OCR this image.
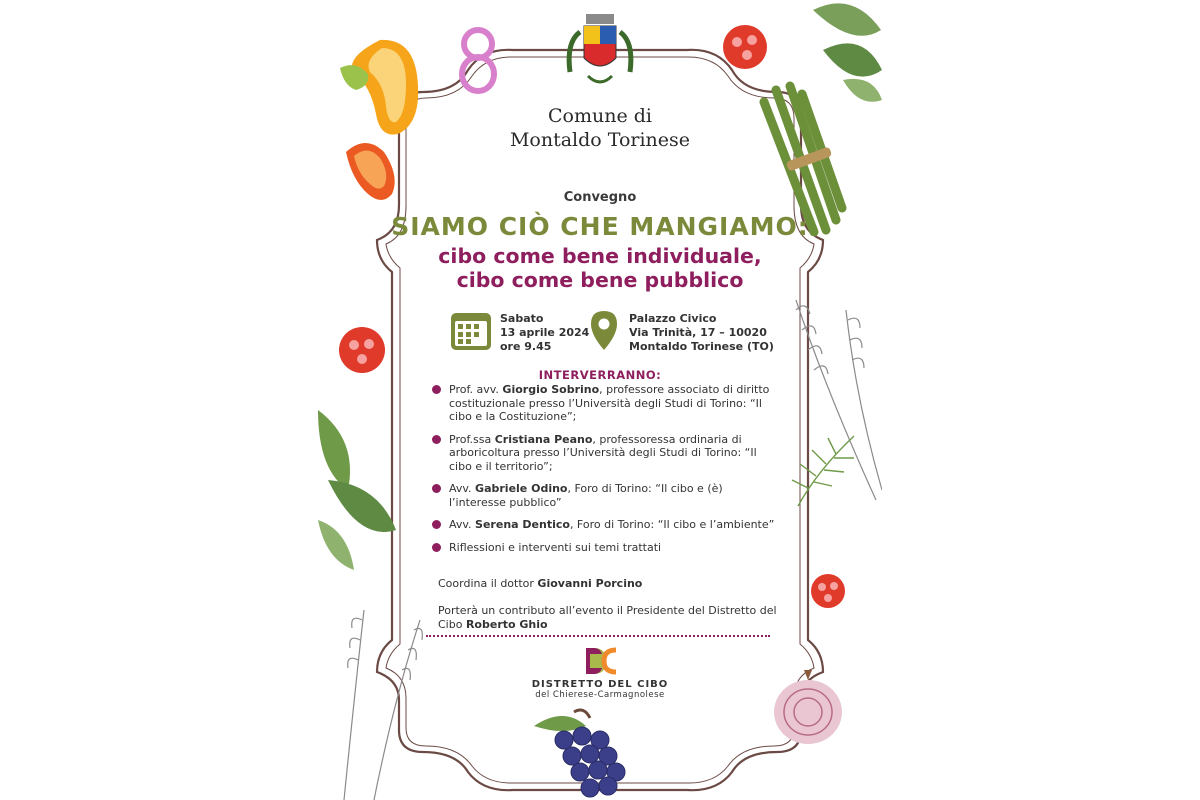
Comune di
Montaldo Torinese
Convegno
SIAMO CIÒ CHE MANGIAMO:
cibo come bene individuale,
cibo come bene pubblico
Sabato
13 aprile 2024
ore 9.45
Palazzo Civico
Via Trinità, 17 – 10020
Montaldo Torinese (TO)
INTERVERRANNO:
Prof. avv. Giorgio Sobrino, professore associato di diritto costituzionale presso l’Università degli Studi di Torino: “Il cibo e la Costituzione”;
Prof.ssa Cristiana Peano, professoressa ordinaria di arboricoltura presso l’Università degli Studi di Torino: “Il cibo e il territorio”;
Avv. Gabriele Odino, Foro di Torino: “Il cibo e (è) l’interesse pubblico”
Avv. Serena Dentico, Foro di Torino: “Il cibo e l’ambiente”
Riflessioni e interventi sui temi trattati
Coordina il dottor Giovanni Porcino
Porterà un contributo all’evento il Presidente del Distretto del Cibo Roberto Ghio
DISTRETTO DEL CIBO
del Chierese-Carmagnolese
